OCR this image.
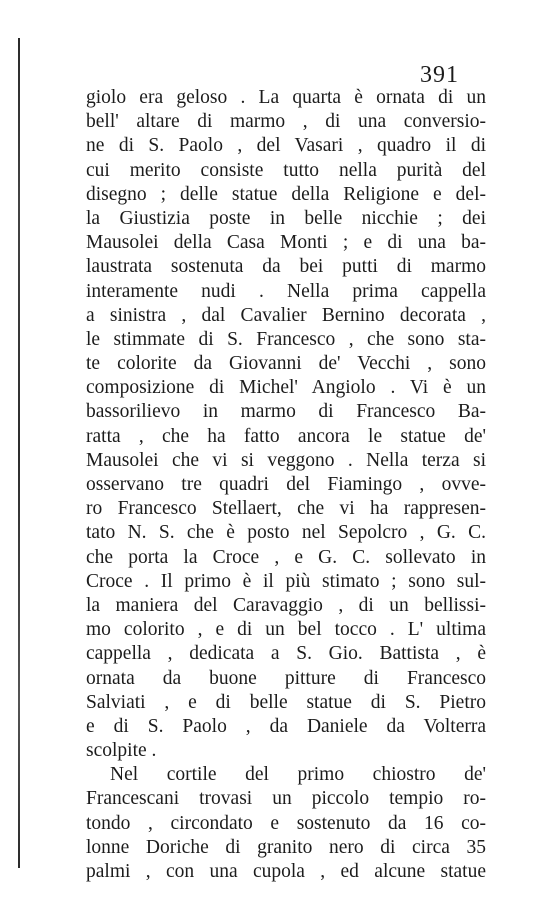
391
giolo era geloso . La quarta è ornata di un
bell' altare di marmo , di una conversio-
ne di S. Paolo , del Vasari , quadro il di
cui merito consiste tutto nella purità del
disegno ; delle statue della Religione e del-
la Giustizia poste in belle nicchie ; dei
Mausolei della Casa Monti ; e di una ba-
laustrata sostenuta da bei putti di marmo
interamente nudi . Nella prima cappella
a sinistra , dal Cavalier Bernino decorata ,
le stimmate di S. Francesco , che sono sta-
te colorite da Giovanni de' Vecchi , sono
composizione di Michel' Angiolo . Vi è un
bassorilievo in marmo di Francesco Ba-
ratta , che ha fatto ancora le statue de'
Mausolei che vi si veggono . Nella terza si
osservano tre quadri del Fiamingo , ovve-
ro Francesco Stellaert, che vi ha rappresen-
tato N. S. che è posto nel Sepolcro , G. C.
che porta la Croce , e G. C. sollevato in
Croce . Il primo è il più stimato ; sono sul-
la maniera del Caravaggio , di un bellissi-
mo colorito , e di un bel tocco . L' ultima
cappella , dedicata a S. Gio. Battista , è
ornata da buone pitture di Francesco
Salviati , e di belle statue di S. Pietro
e di S. Paolo , da Daniele da Volterra
scolpite .
Nel cortile del primo chiostro de'
Francescani trovasi un piccolo tempio ro-
tondo , circondato e sostenuto da 16 co-
lonne Doriche di granito nero di circa 35
palmi , con una cupola , ed alcune statue
